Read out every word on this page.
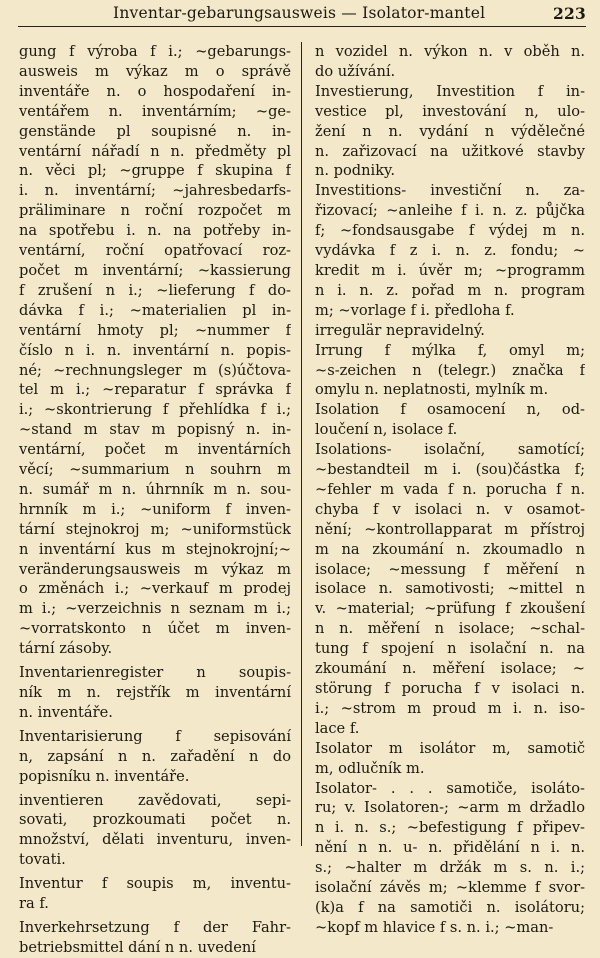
Inventar-gebarungsausweis — Isolator-mantel	223
gung f výroba f i.; ~gebarungs-
ausweis m výkaz m o správě
inventáře n. o hospodaření in-
ventářem n. inventárním; ~ge-
genstände pl soupisné n. in-
ventární nářadí n n. předměty pl
n. věci pl; ~gruppe f skupina f
i. n. inventární; ~jahresbedarfs-
präliminare n roční rozpočet m
na spotřebu i. n. na potřeby in-
ventární, roční opatřovací roz-
počet m inventární; ~kassierung
f zrušení n i.; ~lieferung f do-
dávka f i.; ~materialien pl in-
ventární hmoty pl; ~nummer f
číslo n i. n. inventární n. popis-
né; ~rechnungsleger m (s)účtova-
tel m i.; ~reparatur f správka f
i.; ~skontrierung f přehlídka f i.;
~stand m stav m popisný n. in-
ventární, počet m inventárních
věcí; ~summarium n souhrn m
n. sumář m n. úhrnník m n. sou-
hrnník m i.; ~uniform f inven-
tární stejnokroj m; ~uniformstück
n inventární kus m stejnokrojní;~
veränderungsausweis m výkaz m
o změnách i.; ~verkauf m prodej
m i.; ~verzeichnis n seznam m i.;
~vorratskonto n účet m inven-
tární zásoby.
Inventarienregister n soupis-
ník m n. rejstřík m inventární
n. inventáře.
Inventarisierung f sepisování
n, zapsání n n. zařadění n do
popisníku n. inventáře.
inventieren zavědovati, sepi-
sovati, prozkoumati počet n.
množství, dělati inventuru, inven-
tovati.
Inventur f soupis m, inventu-
ra f.
Inverkehrsetzung f der Fahr-
betriebsmittel dání n n. uvedení
n vozidel n. výkon n. v oběh n.
do užívání.
Investierung, Investition f in-
vestice pl, investování n, ulo-
žení n n. vydání n výdělečné
n. zařizovací na užitkové stavby
n. podniky.
Investitions- investiční n. za-
řizovací; ~anleihe f i. n. z. půjčka
f; ~fondsausgabe f výdej m n.
vydávka f z i. n. z. fondu; ~
kredit m i. úvěr m; ~programm
n i. n. z. pořad m n. program
m; ~vorlage f i. předloha f.
irregulär nepravidelný.
Irrung f mýlka f, omyl m;
~s-zeichen n (telegr.) značka f
omylu n. neplatnosti, mylník m.
Isolation f osamocení n, od-
loučení n, isolace f.
Isolations- isolační, samotící;
~bestandteil m i. (sou)částka f;
~fehler m vada f n. porucha f n.
chyba f v isolaci n. v osamot-
nění; ~kontrollapparat m přístroj
m na zkoumání n. zkoumadlo n
isolace; ~messung f měření n
isolace n. samotivosti; ~mittel n
v. ~material; ~prüfung f zkoušení
n n. měření n isolace; ~schal-
tung f spojení n isolační n. na
zkoumání n. měření isolace; ~
störung f porucha f v isolaci n.
i.; ~strom m proud m i. n. iso-
lace f.
Isolator m isolátor m, samotič
m, odlučník m.
Isolator- . . . samotiče, isoláto-
ru; v. Isolatoren-; ~arm m držadlo
n i. n. s.; ~befestigung f připev-
nění n n. u- n. přidělání n i. n.
s.; ~halter m držák m s. n. i.;
isolační závěs m; ~klemme f svor-
(k)a f na samotiči n. isolátoru;
~kopf m hlavice f s. n. i.; ~man-
